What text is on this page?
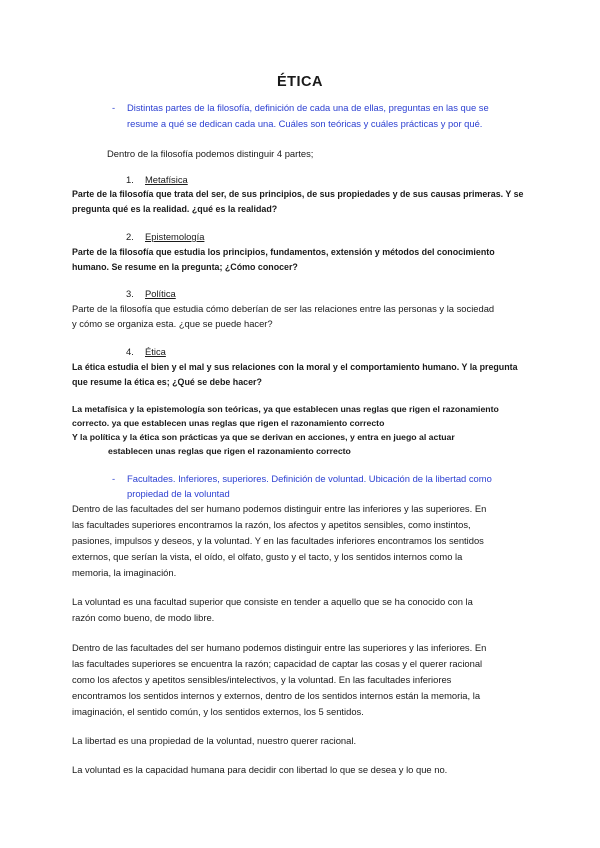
ÉTICA
- Distintas partes de la filosofía, definición de cada una de ellas, preguntas en las que se

resume a qué se dedican cada una. Cuáles son teóricas y cuáles prácticas y por qué.

Dentro de la filosofía podemos distinguir 4 partes;

1. Metafísica

Parte de la filosofía que trata del ser, de sus principios, de sus propiedades y de sus causas primeras. Y se

pregunta qué es la realidad. ¿qué es la realidad?

2. Epistemología

Parte de la filosofía que estudia los principios, fundamentos, extensión y métodos del conocimiento

humano. Se resume en la pregunta; ¿Cómo conocer?

3. Política

Parte de la filosofía que estudia cómo deberían de ser las relaciones entre las personas y la sociedad

y cómo se organiza esta. ¿que se puede hacer?

4. Ética

La ética estudia el bien y el mal y sus relaciones con la moral y el comportamiento humano. Y la pregunta

que resume la ética es; ¿Qué se debe hacer?

La metafísica y la epistemología son teóricas, ya que establecen unas reglas que rigen el razonamiento

correcto. ya que establecen unas reglas que rigen el razonamiento correcto

Y la política y la ética son prácticas ya que se derivan en acciones, y entra en juego al actuar

establecen unas reglas que rigen el razonamiento correcto

- Facultades. Inferiores, superiores. Definición de voluntad. Ubicación de la libertad como

propiedad de la voluntad

Dentro de las facultades del ser humano podemos distinguir entre las inferiores y las superiores. En

las facultades superiores encontramos la razón, los afectos y apetitos sensibles, como instintos,

pasiones, impulsos y deseos, y la voluntad. Y en las facultades inferiores encontramos los sentidos

externos, que serían la vista, el oído, el olfato, gusto y el tacto, y los sentidos internos como la

memoria, la imaginación.

La voluntad es una facultad superior que consiste en tender a aquello que se ha conocido con la

razón como bueno, de modo libre.

Dentro de las facultades del ser humano podemos distinguir entre las superiores y las inferiores. En

las facultades superiores se encuentra la razón; capacidad de captar las cosas y el querer racional

como los afectos y apetitos sensibles/intelectivos, y la voluntad. En las facultades inferiores

encontramos los sentidos internos y externos, dentro de los sentidos internos están la memoria, la

imaginación, el sentido común, y los sentidos externos, los 5 sentidos.

La libertad es una propiedad de la voluntad, nuestro querer racional.

La voluntad es la capacidad humana para decidir con libertad lo que se desea y lo que no.
